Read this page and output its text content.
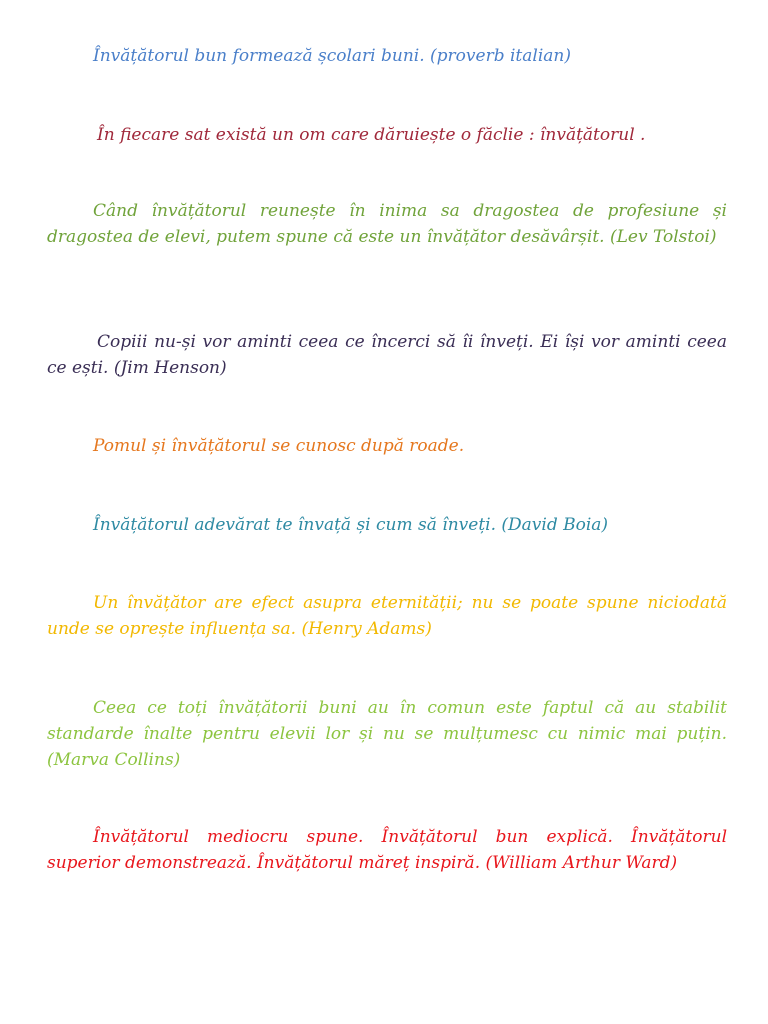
Învățătorul bun formează școlari buni. (proverb italian)

În fiecare sat există un om care dăruiește o făclie : învățătorul .

Când învățătorul reunește în inima sa dragostea de profesiune și dragostea de elevi, putem spune că este un învățător desăvârșit. (Lev Tolstoi)

Copiii nu-și vor aminti ceea ce încerci să îi înveți. Ei își vor aminti ceea ce ești. (Jim Henson)

Pomul și învățătorul se cunosc după roade.

Învățătorul adevărat te învață și cum să înveți. (David Boia)

Un învățător are efect asupra eternității; nu se poate spune niciodată unde se oprește influența sa. (Henry Adams)

Ceea ce toți învățătorii buni au în comun este faptul că au stabilit standarde înalte pentru elevii lor și nu se mulțumesc cu nimic mai puțin. (Marva Collins)

Învățătorul mediocru spune. Învățătorul bun explică. Învățătorul superior demonstrează. Învățătorul măreț inspiră. (William Arthur Ward)
